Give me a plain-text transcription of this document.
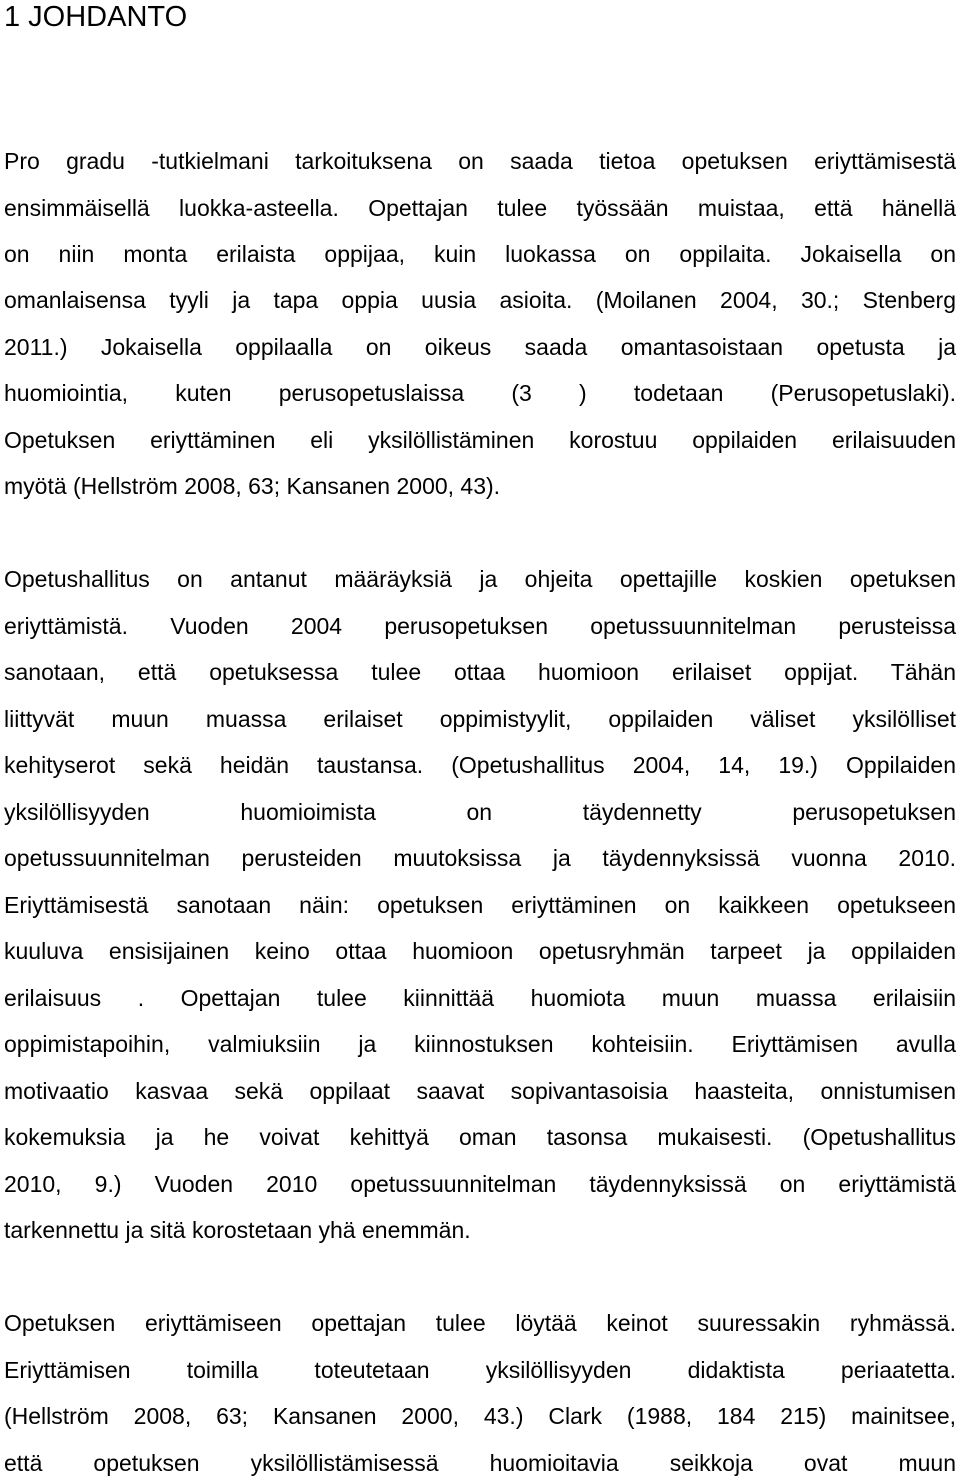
1 JOHDANTO
Pro gradu -tutkielmani tarkoituksena on saada tietoa opetuksen eriyttämisestä
ensimmäisellä luokka-asteella. Opettajan tulee työssään muistaa, että hänellä
on niin monta erilaista oppijaa, kuin luokassa on oppilaita. Jokaisella on
omanlaisensa tyyli ja tapa oppia uusia asioita. (Moilanen 2004, 30.; Stenberg
2011.) Jokaisella oppilaalla on oikeus saada omantasoistaan opetusta ja
huomiointia, kuten perusopetuslaissa (3 ) todetaan (Perusopetuslaki).
Opetuksen eriyttäminen eli yksilöllistäminen korostuu oppilaiden erilaisuuden
myötä (Hellström 2008, 63; Kansanen 2000, 43).
Opetushallitus on antanut määräyksiä ja ohjeita opettajille koskien opetuksen
eriyttämistä. Vuoden 2004 perusopetuksen opetussuunnitelman perusteissa
sanotaan, että opetuksessa tulee ottaa huomioon erilaiset oppijat. Tähän
liittyvät muun muassa erilaiset oppimistyylit, oppilaiden väliset yksilölliset
kehityserot sekä heidän taustansa. (Opetushallitus 2004, 14, 19.) Oppilaiden
yksilöllisyyden huomioimista on täydennetty perusopetuksen
opetussuunnitelman perusteiden muutoksissa ja täydennyksissä vuonna 2010.
Eriyttämisestä sanotaan näin: opetuksen eriyttäminen on kaikkeen opetukseen
kuuluva ensisijainen keino ottaa huomioon opetusryhmän tarpeet ja oppilaiden
erilaisuus . Opettajan tulee kiinnittää huomiota muun muassa erilaisiin
oppimistapoihin, valmiuksiin ja kiinnostuksen kohteisiin. Eriyttämisen avulla
motivaatio kasvaa sekä oppilaat saavat sopivantasoisia haasteita, onnistumisen
kokemuksia ja he voivat kehittyä oman tasonsa mukaisesti. (Opetushallitus
2010, 9.) Vuoden 2010 opetussuunnitelman täydennyksissä on eriyttämistä
tarkennettu ja sitä korostetaan yhä enemmän.
Opetuksen eriyttämiseen opettajan tulee löytää keinot suuressakin ryhmässä.
Eriyttämisen toimilla toteutetaan yksilöllisyyden didaktista periaatetta.
(Hellström 2008, 63; Kansanen 2000, 43.) Clark (1988, 184 215) mainitsee,
että opetuksen yksilöllistämisessä huomioitavia seikkoja ovat muun
